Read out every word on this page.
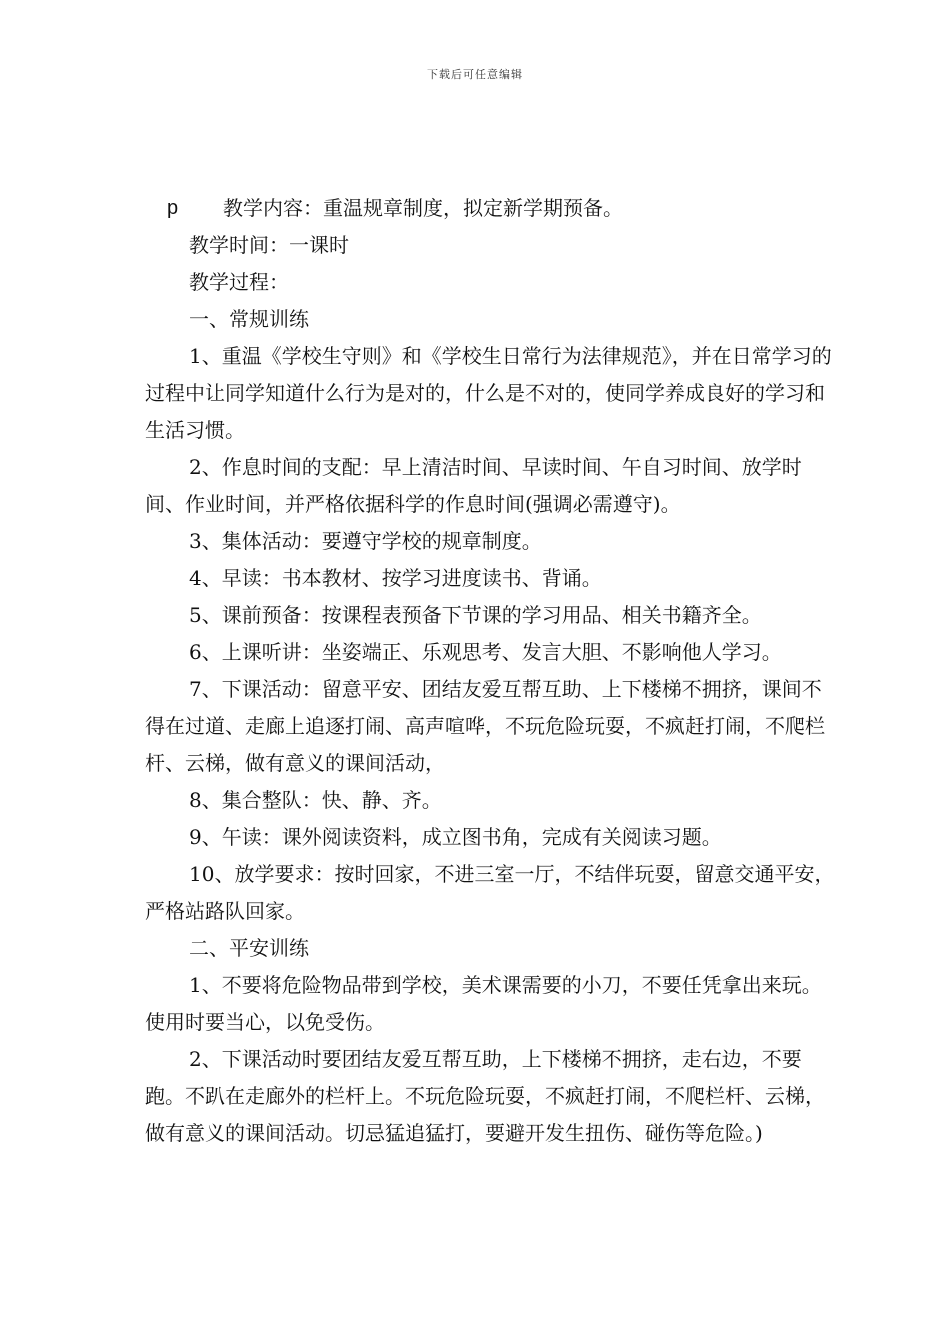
下载后可任意编辑

p 教学内容：重温规章制度，拟定新学期预备。

教学时间：一课时

教学过程：

一、常规训练

1、重温《学校生守则》和《学校生日常行为法律规范》，并在日常学习的过程中让同学知道什么行为是对的，什么是不对的，使同学养成良好的学习和生活习惯。

2、作息时间的支配：早上清洁时间、早读时间、午自习时间、放学时间、作业时间，并严格依据科学的作息时间(强调必需遵守)。

3、集体活动：要遵守学校的规章制度。

4、早读：书本教材、按学习进度读书、背诵。

5、课前预备：按课程表预备下节课的学习用品、相关书籍齐全。

6、上课听讲：坐姿端正、乐观思考、发言大胆、不影响他人学习。

7、下课活动：留意平安、团结友爱互帮互助、上下楼梯不拥挤，课间不得在过道、走廊上追逐打闹、高声喧哗，不玩危险玩耍，不疯赶打闹，不爬栏杆、云梯，做有意义的课间活动，

8、集合整队：快、静、齐。

9、午读：课外阅读资料，成立图书角，完成有关阅读习题。

10、放学要求：按时回家，不进三室一厅，不结伴玩耍，留意交通平安，严格站路队回家。

二、平安训练

1、不要将危险物品带到学校，美术课需要的小刀，不要任凭拿出来玩。使用时要当心，以免受伤。

2、下课活动时要团结友爱互帮互助，上下楼梯不拥挤，走右边，不要跑。不趴在走廊外的栏杆上。不玩危险玩耍，不疯赶打闹，不爬栏杆、云梯，做有意义的课间活动。切忌猛追猛打，要避开发生扭伤、碰伤等危险。)
